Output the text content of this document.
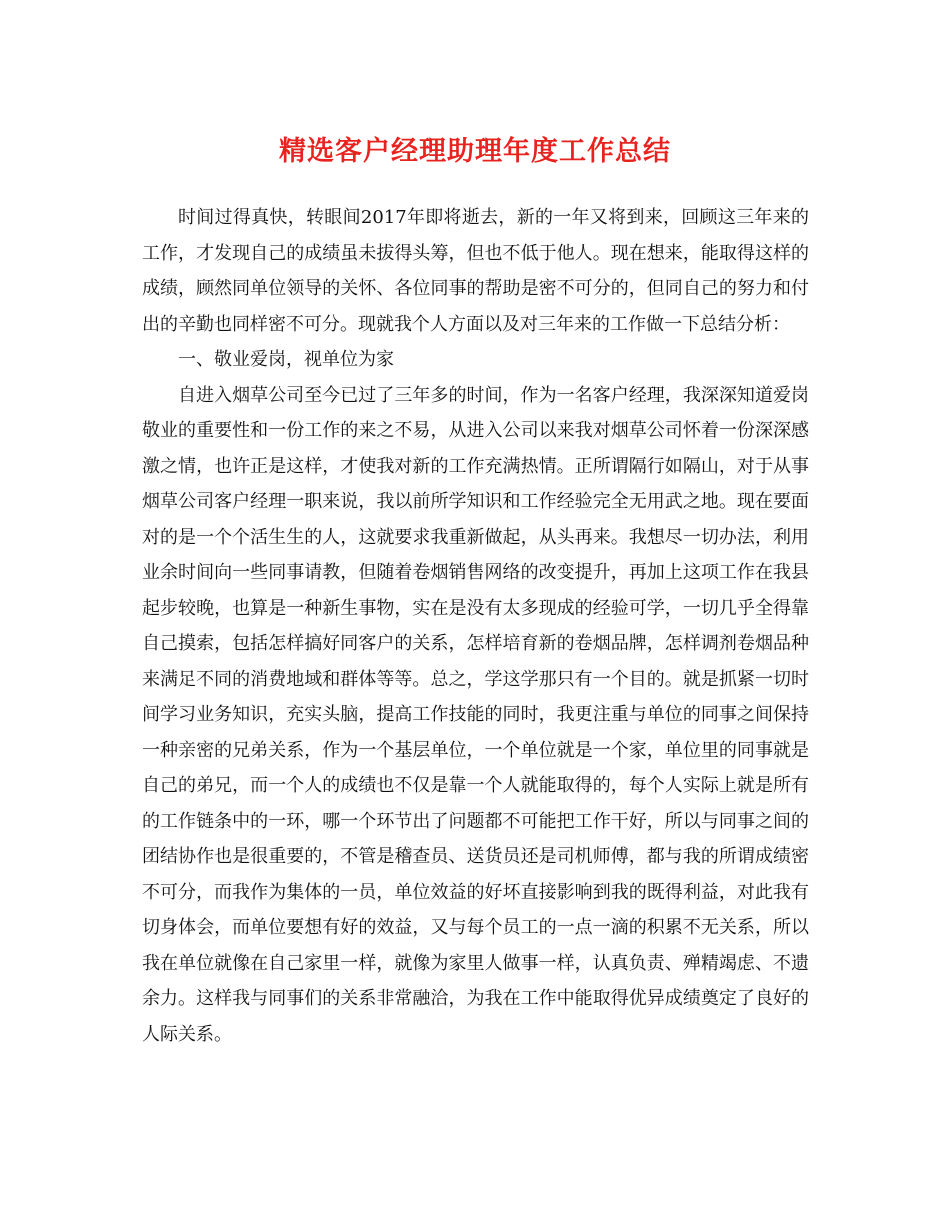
精选客户经理助理年度工作总结

时间过得真快，转眼间2017年即将逝去，新的一年又将到来，回顾这三年来的工作，才发现自己的成绩虽未拔得头筹，但也不低于他人。现在想来，能取得这样的成绩，顾然同单位领导的关怀、各位同事的帮助是密不可分的，但同自己的努力和付出的辛勤也同样密不可分。现就我个人方面以及对三年来的工作做一下总结分析：

一、敬业爱岗，视单位为家

自进入烟草公司至今已过了三年多的时间，作为一名客户经理，我深深知道爱岗敬业的重要性和一份工作的来之不易，从进入公司以来我对烟草公司怀着一份深深感激之情，也许正是这样，才使我对新的工作充满热情。正所谓隔行如隔山，对于从事烟草公司客户经理一职来说，我以前所学知识和工作经验完全无用武之地。现在要面对的是一个个活生生的人，这就要求我重新做起，从头再来。我想尽一切办法，利用业余时间向一些同事请教，但随着卷烟销售网络的改变提升，再加上这项工作在我县起步较晚，也算是一种新生事物，实在是没有太多现成的经验可学，一切几乎全得靠自己摸索，包括怎样搞好同客户的关系，怎样培育新的卷烟品牌，怎样调剂卷烟品种来满足不同的消费地域和群体等等。总之，学这学那只有一个目的。就是抓紧一切时间学习业务知识，充实头脑，提高工作技能的同时，我更注重与单位的同事之间保持一种亲密的兄弟关系，作为一个基层单位，一个单位就是一个家，单位里的同事就是自己的弟兄，而一个人的成绩也不仅是靠一个人就能取得的，每个人实际上就是所有的工作链条中的一环，哪一个环节出了问题都不可能把工作干好，所以与同事之间的团结协作也是很重要的，不管是稽查员、送货员还是司机师傅，都与我的所谓成绩密不可分，而我作为集体的一员，单位效益的好坏直接影响到我的既得利益，对此我有切身体会，而单位要想有好的效益，又与每个员工的一点一滴的积累不无关系，所以我在单位就像在自己家里一样，就像为家里人做事一样，认真负责、殚精竭虑、不遗余力。这样我与同事们的关系非常融洽，为我在工作中能取得优异成绩奠定了良好的人际关系。
